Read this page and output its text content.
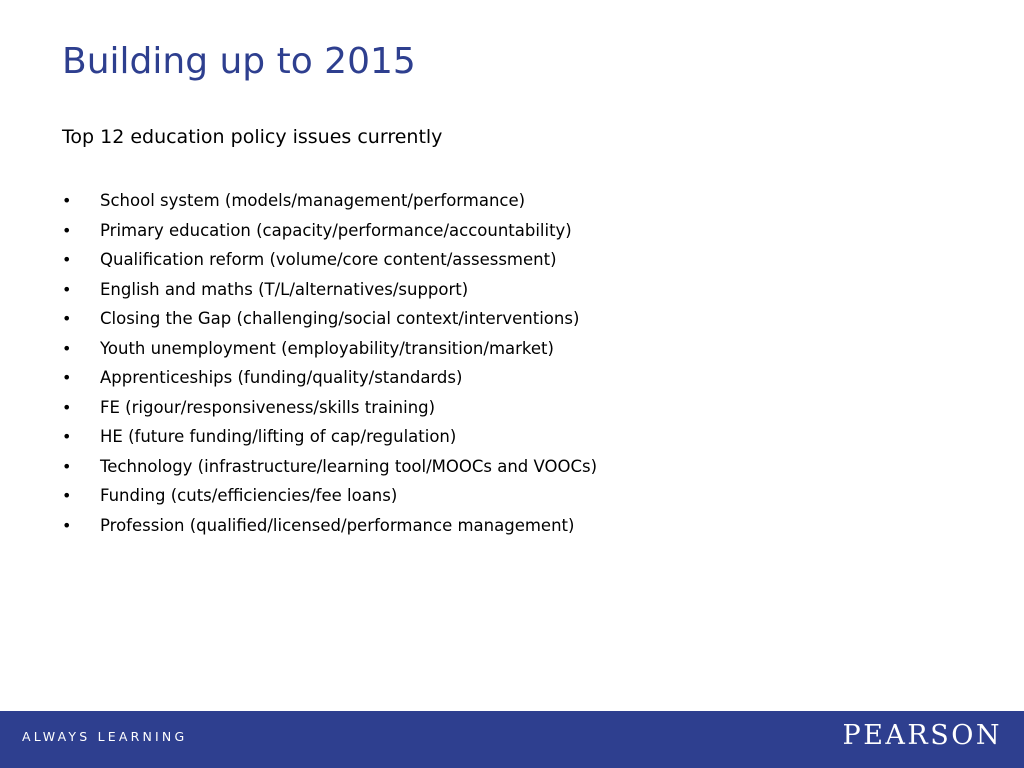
Building up to 2015

Top 12 education policy issues currently

• School system (models/management/performance)
• Primary education (capacity/performance/accountability)
• Qualification reform (volume/core content/assessment)
• English and maths (T/L/alternatives/support)
• Closing the Gap (challenging/social context/interventions)
• Youth unemployment (employability/transition/market)
• Apprenticeships (funding/quality/standards)
• FE (rigour/responsiveness/skills training)
• HE (future funding/lifting of cap/regulation)
• Technology (infrastructure/learning tool/MOOCs and VOOCs)
• Funding (cuts/efficiencies/fee loans)
• Profession (qualified/licensed/performance management)
ALWAYS LEARNING	PEARSON
